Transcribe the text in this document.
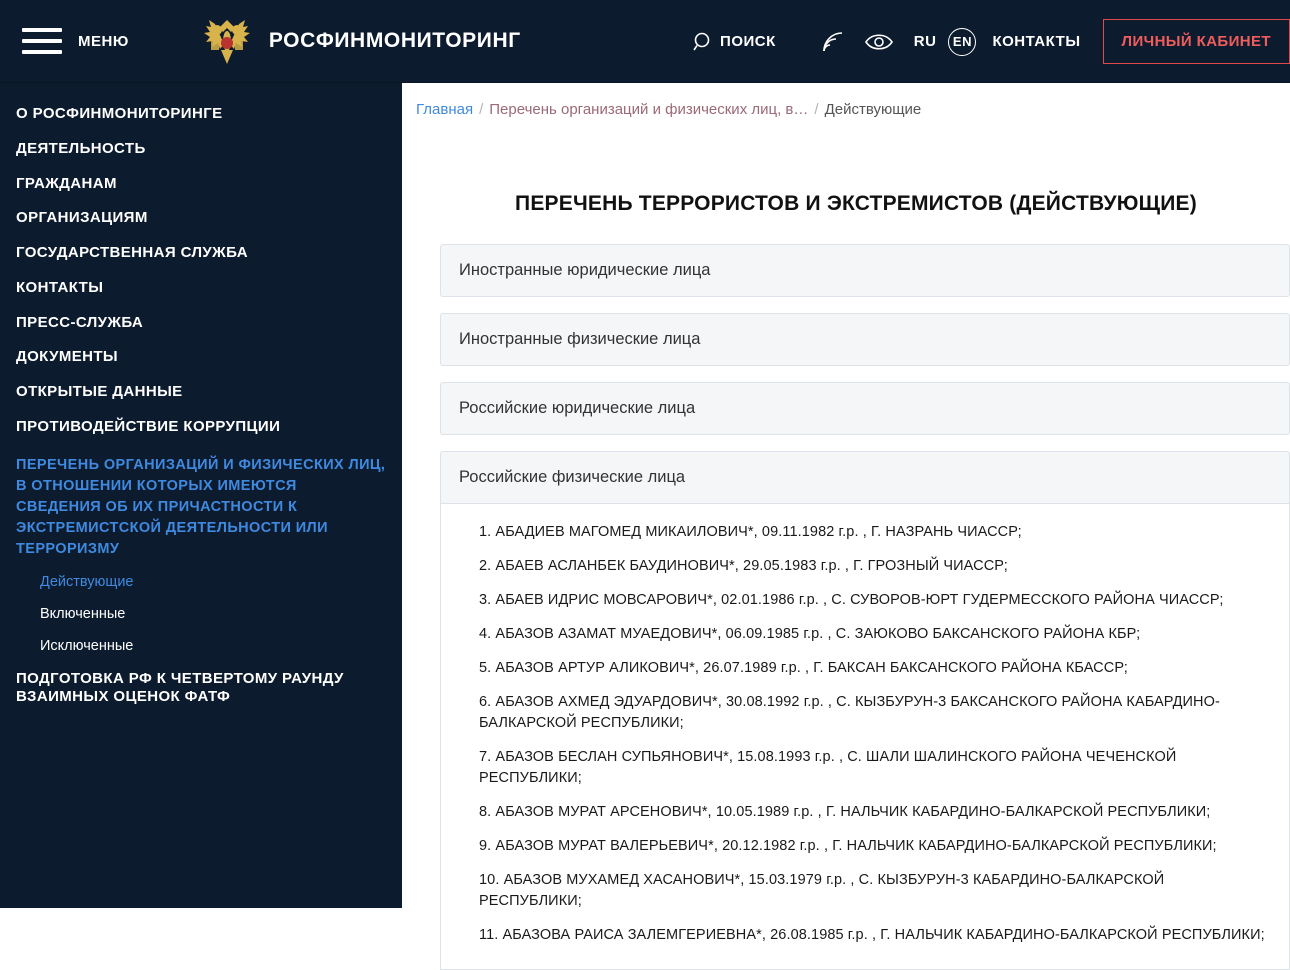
МЕНЮ	РОСФИНМОНИТОРИНГ	ПОИСК	RU	EN КОНТАКТЫ	ЛИЧНЫЙ КАБИНЕТ
О РОСФИНМОНИТОРИНГЕ
ДЕЯТЕЛЬНОСТЬ
ГРАЖДАНАМ
ОРГАНИЗАЦИЯМ
ГОСУДАРСТВЕННАЯ СЛУЖБА
КОНТАКТЫ
ПРЕСС-СЛУЖБА
ДОКУМЕНТЫ
ОТКРЫТЫЕ ДАННЫЕ
ПРОТИВОДЕЙСТВИЕ КОРРУПЦИИ
ПЕРЕЧЕНЬ ОРГАНИЗАЦИЙ И ФИЗИЧЕСКИХ ЛИЦ, В ОТНОШЕНИИ КОТОРЫХ ИМЕЮТСЯ СВЕДЕНИЯ ОБ ИХ ПРИЧАСТНОСТИ К ЭКСТРЕМИСТСКОЙ ДЕЯТЕЛЬНОСТИ ИЛИ ТЕРРОРИЗМУ
Действующие
Включенные
Исключенные
ПОДГОТОВКА РФ К ЧЕТВЕРТОМУ РАУНДУ ВЗАИМНЫХ ОЦЕНОК ФАТФ
Главная / Перечень организаций и физических лиц, в… / Действующие
ПЕРЕЧЕНЬ ТЕРРОРИСТОВ И ЭКСТРЕМИСТОВ (ДЕЙСТВУЮЩИЕ)
Иностранные юридические лица
Иностранные физические лица
Российские юридические лица
Российские физические лица
1. АБАДИЕВ МАГОМЕД МИКАИЛОВИЧ*, 09.11.1982 г.р. , Г. НАЗРАНЬ ЧИАССР;
2. АБАЕВ АСЛАНБЕК БАУДИНОВИЧ*, 29.05.1983 г.р. , Г. ГРОЗНЫЙ ЧИАССР;
3. АБАЕВ ИДРИС МОВСАРОВИЧ*, 02.01.1986 г.р. , С. СУВОРОВ-ЮРТ ГУДЕРМЕССКОГО РАЙОНА ЧИАССР;
4. АБАЗОВ АЗАМАТ МУАЕДОВИЧ*, 06.09.1985 г.р. , С. ЗАЮКОВО БАКСАНСКОГО РАЙОНА КБР;
5. АБАЗОВ АРТУР АЛИКОВИЧ*, 26.07.1989 г.р. , Г. БАКСАН БАКСАНСКОГО РАЙОНА КБАССР;
6. АБАЗОВ АХМЕД ЭДУАРДОВИЧ*, 30.08.1992 г.р. , С. КЫЗБУРУН-3 БАКСАНСКОГО РАЙОНА КАБАРДИНО-БАЛКАРСКОЙ РЕСПУБЛИКИ;
7. АБАЗОВ БЕСЛАН СУПЬЯНОВИЧ*, 15.08.1993 г.р. , С. ШАЛИ ШАЛИНСКОГО РАЙОНА ЧЕЧЕНСКОЙ РЕСПУБЛИКИ;
8. АБАЗОВ МУРАТ АРСЕНОВИЧ*, 10.05.1989 г.р. , Г. НАЛЬЧИК КАБАРДИНО-БАЛКАРСКОЙ РЕСПУБЛИКИ;
9. АБАЗОВ МУРАТ ВАЛЕРЬЕВИЧ*, 20.12.1982 г.р. , Г. НАЛЬЧИК КАБАРДИНО-БАЛКАРСКОЙ РЕСПУБЛИКИ;
10. АБАЗОВ МУХАМЕД ХАСАНОВИЧ*, 15.03.1979 г.р. , С. КЫЗБУРУН-3 КАБАРДИНО-БАЛКАРСКОЙ РЕСПУБЛИКИ;
11. АБАЗОВА РАИСА ЗАЛЕМГЕРИЕВНА*, 26.08.1985 г.р. , Г. НАЛЬЧИК КАБАРДИНО-БАЛКАРСКОЙ РЕСПУБЛИКИ;
